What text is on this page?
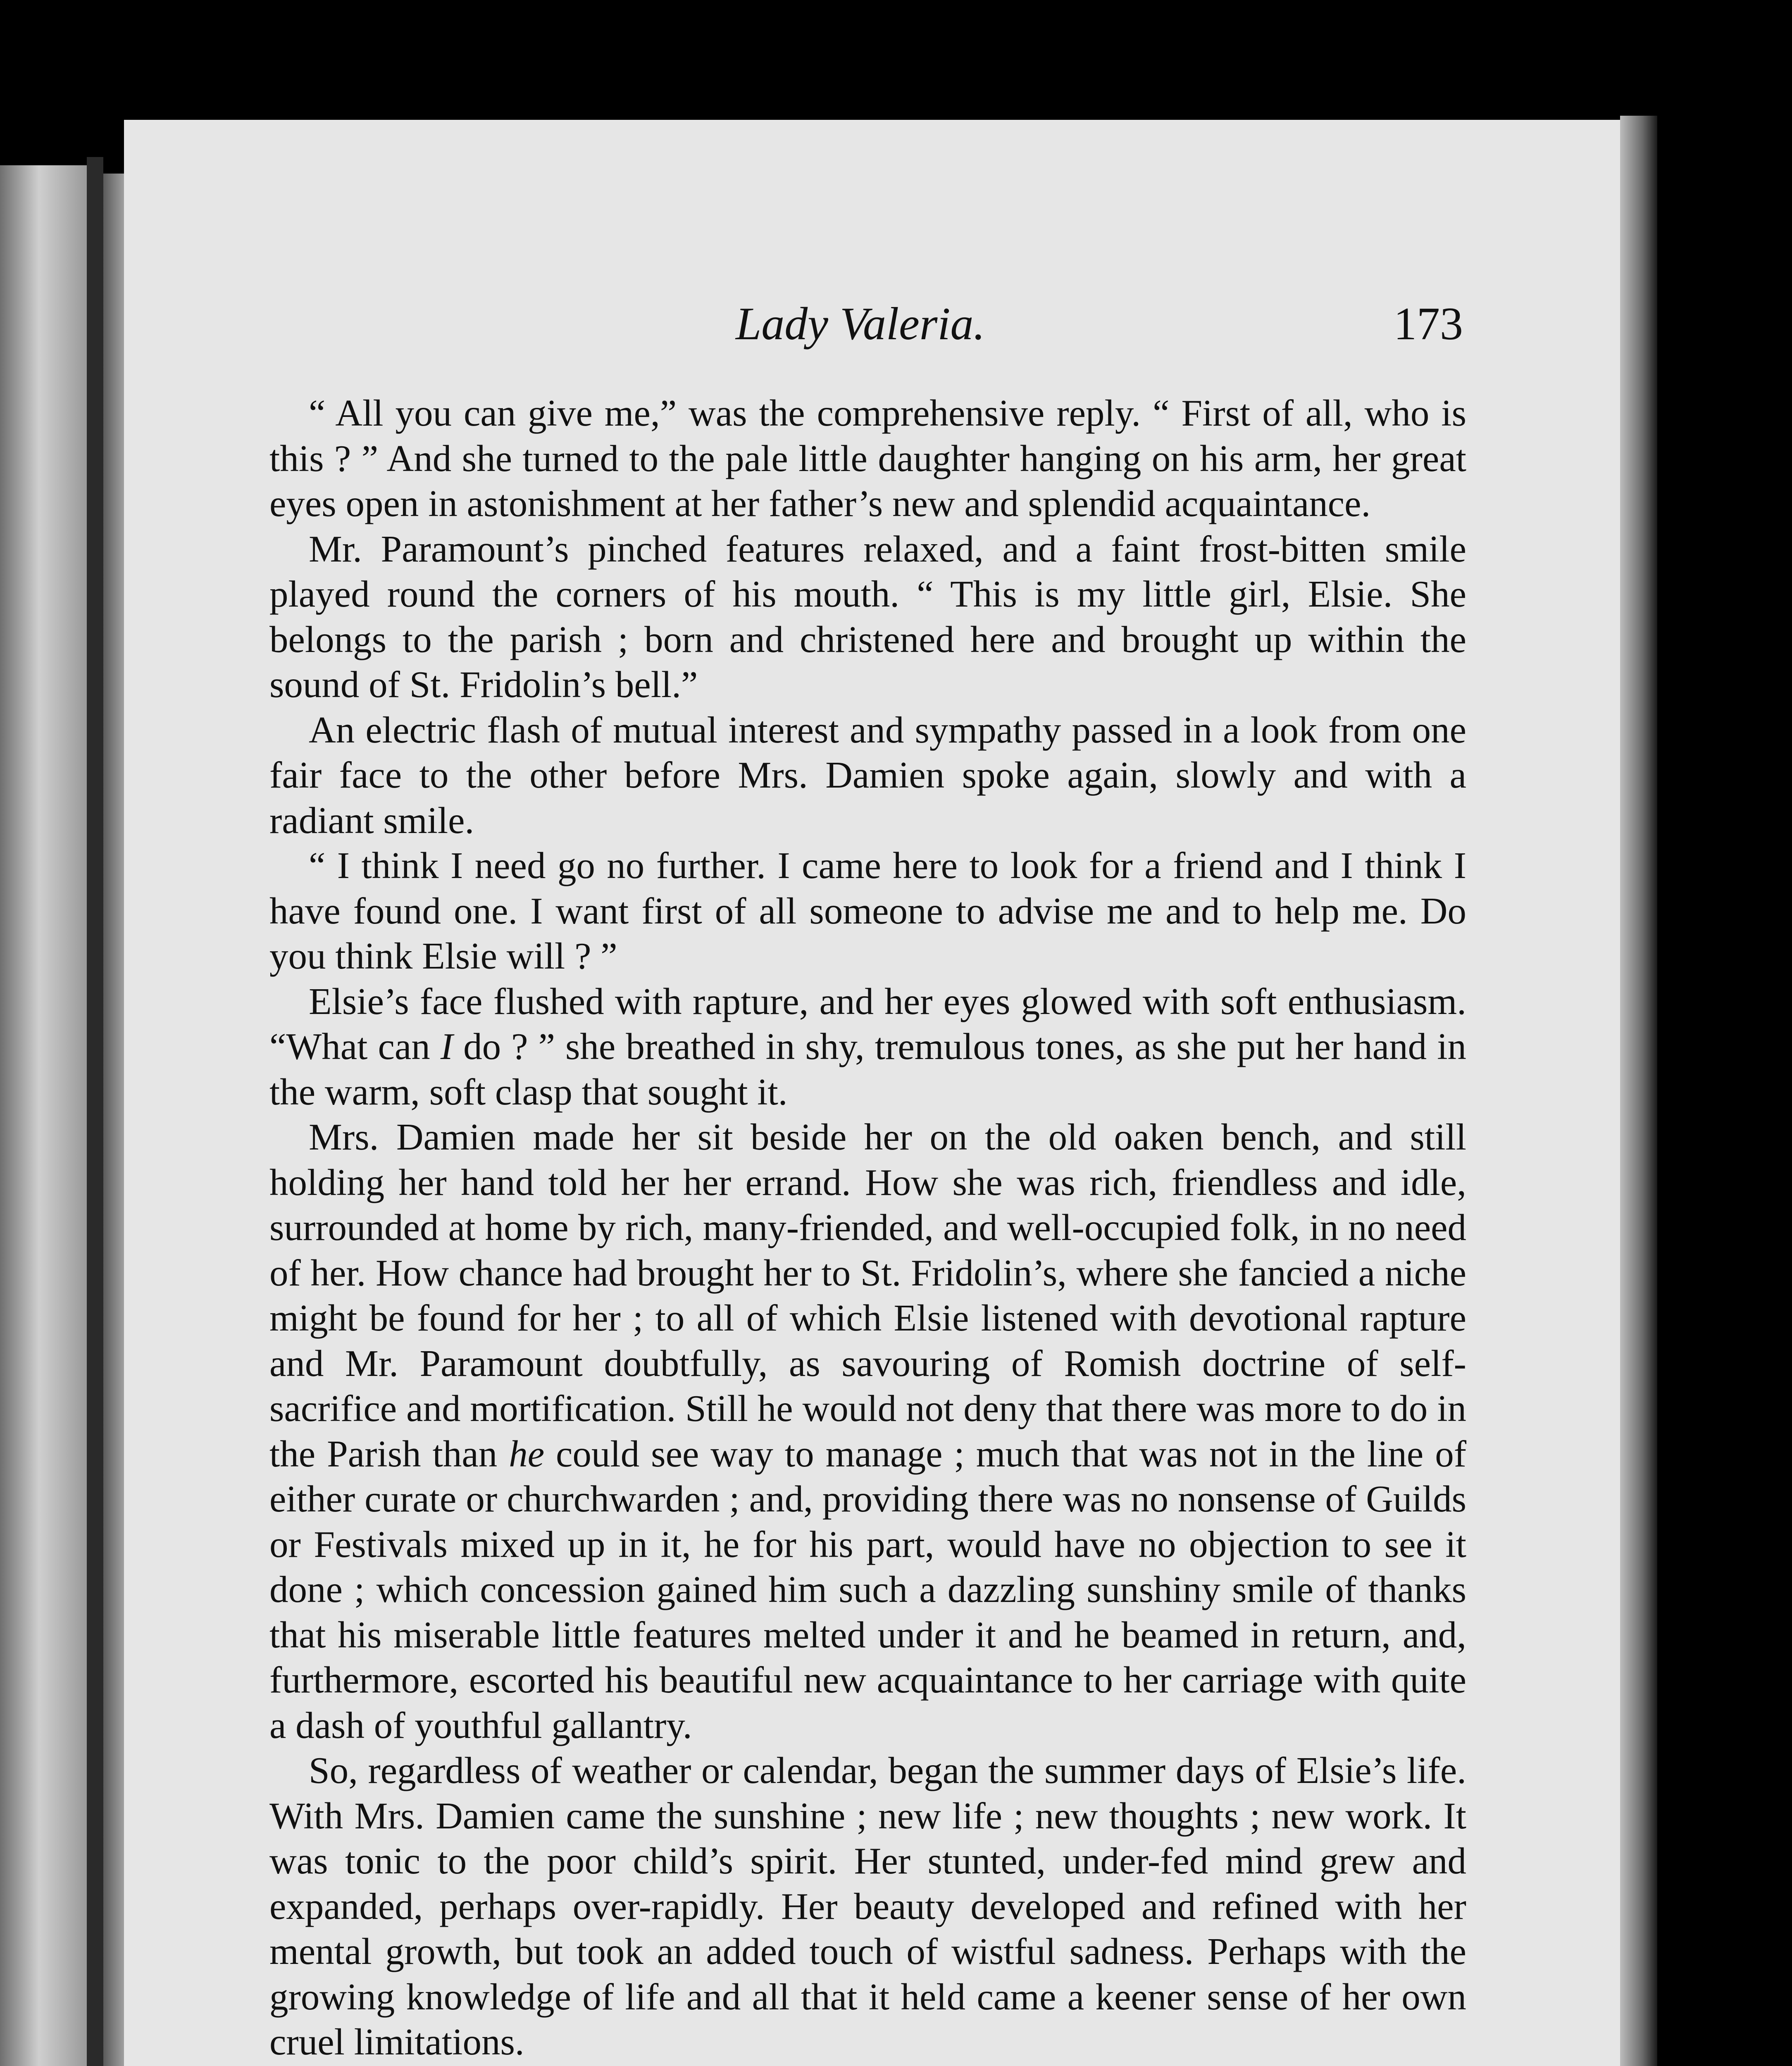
Lady Valeria.	173

“ All you can give me,” was the comprehensive reply. “ First of all, who is this ? ” And she turned to the pale little daughter hanging on his arm, her great eyes open in astonishment at her father’s new and splendid acquaintance.

Mr. Paramount’s pinched features relaxed, and a faint frost-bitten smile played round the corners of his mouth. “ This is my little girl, Elsie. She belongs to the parish ; born and christened here and brought up within the sound of St. Fridolin’s bell.”

An electric flash of mutual interest and sympathy passed in a look from one fair face to the other before Mrs. Damien spoke again, slowly and with a radiant smile.

“ I think I need go no further. I came here to look for a friend and I think I have found one. I want first of all someone to advise me and to help me. Do you think Elsie will ? ”

Elsie’s face flushed with rapture, and her eyes glowed with soft enthusiasm. “What can I do ? ” she breathed in shy, tremulous tones, as she put her hand in the warm, soft clasp that sought it.

Mrs. Damien made her sit beside her on the old oaken bench, and still holding her hand told her her errand. How she was rich, friendless and idle, surrounded at home by rich, many-friended, and well-occupied folk, in no need of her. How chance had brought her to St. Fridolin’s, where she fancied a niche might be found for her ; to all of which Elsie listened with devotional rapture and Mr. Paramount doubtfully, as savouring of Romish doctrine of self-sacrifice and mortification. Still he would not deny that there was more to do in the Parish than he could see way to manage ; much that was not in the line of either curate or churchwarden ; and, providing there was no nonsense of Guilds or Festivals mixed up in it, he for his part, would have no objection to see it done ; which concession gained him such a dazzling sunshiny smile of thanks that his miserable little features melted under it and he beamed in return, and, furthermore, escorted his beautiful new acquaintance to her carriage with quite a dash of youthful gallantry.

So, regardless of weather or calendar, began the summer days of Elsie’s life. With Mrs. Damien came the sunshine ; new life ; new thoughts ; new work. It was tonic to the poor child’s spirit. Her stunted, under-fed mind grew and expanded, perhaps over-rapidly. Her beauty developed and refined with her mental growth, but took an added touch of wistful sadness. Perhaps with the growing knowledge of life and all that it held came a keener sense of her own cruel limitations.
